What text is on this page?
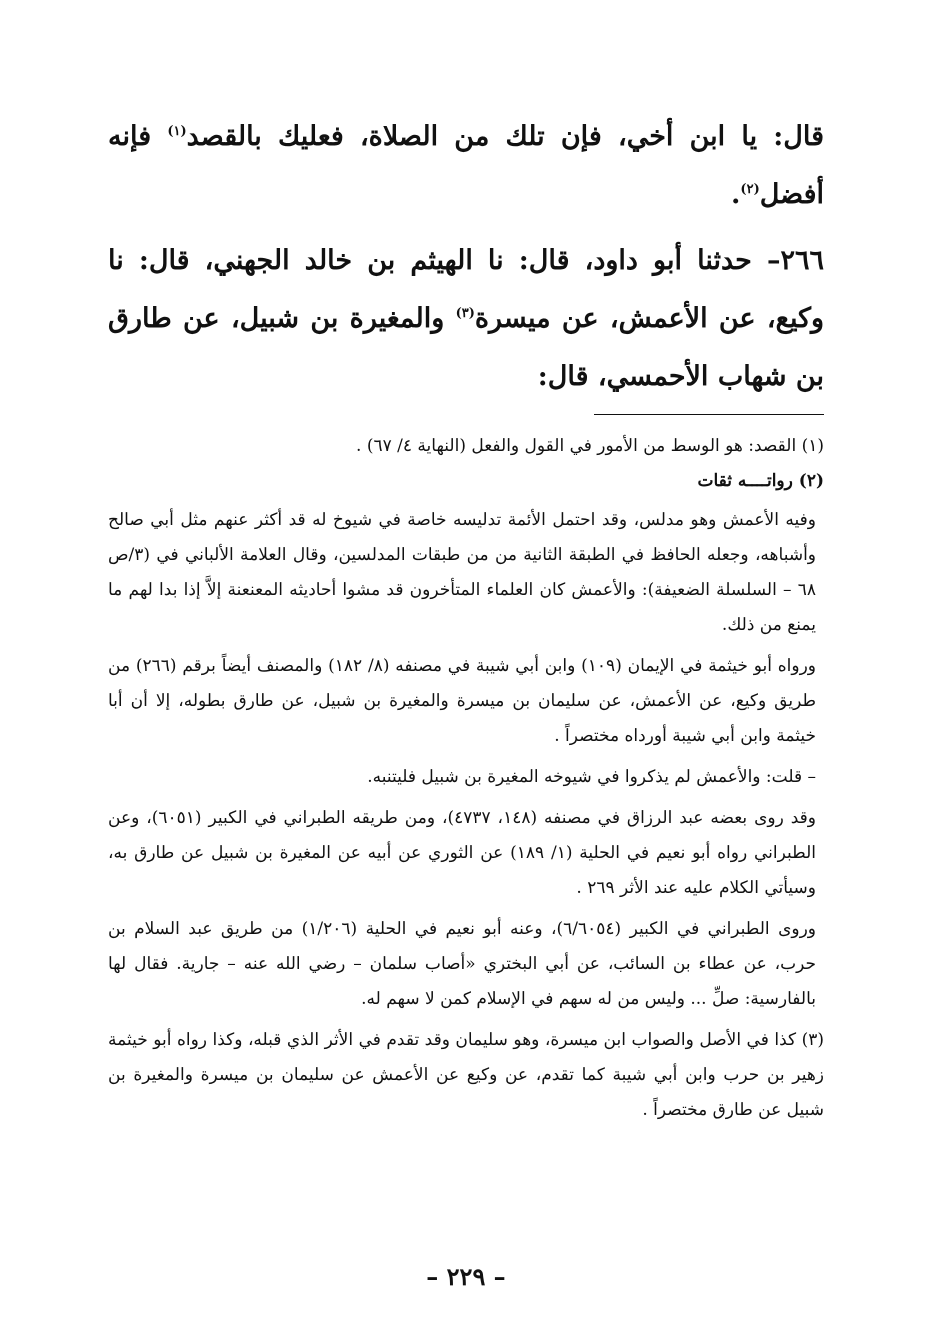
قال: يا ابن أخي، فإن تلك من الصلاة، فعليك بالقصد$^{(١)}$ فإنه أفضل$^{(٢)}$.

٢٦٦– حدثنا أبو داود، قال: نا الهيثم بن خالد الجهني، قال: نا وكيع، عن الأعمش، عن ميسرة$^{(٣)}$ والمغيرة بن شبيل، عن طارق بن شهاب الأحمسي، قال:

(١) القصد: هو الوسط من الأمور في القول والفعل (النهاية ٤/ ٦٧) .

(٢) رواتــــه ثقات

وفيه الأعمش وهو مدلس، وقد احتمل الأئمة تدليسه خاصة في شيوخ له قد أكثر عنهم مثل أبي صالح وأشباهه، وجعله الحافظ في الطبقة الثانية من من طبقات المدلسين، وقال العلامة الألباني في (٣/ص ٦٨ – السلسلة الضعيفة): والأعمش كان العلماء المتأخرون قد مشوا أحاديثه المعنعنة إلاَّ إذا بدا لهم ما يمنع من ذلك.

ورواه أبو خيثمة في الإيمان (١٠٩) وابن أبي شيبة في مصنفه (٨/ ١٨٢) والمصنف أيضاً برقم (٢٦٦) من طريق وكيع، عن الأعمش، عن سليمان بن ميسرة والمغيرة بن شبيل، عن طارق بطوله، إلا أن أبا خيثمة وابن أبي شيبة أورداه مختصراً .

– قلت: والأعمش لم يذكروا في شيوخه المغيرة بن شبيل فليتنبه.

وقد روى بعضه عبد الرزاق في مصنفه (١٤٨، ٤٧٣٧)، ومن طريقه الطبراني في الكبير (٦٠٥١)، وعن الطبراني رواه أبو نعيم في الحلية (١/ ١٨٩) عن الثوري عن أبيه عن المغيرة بن شبيل عن طارق به، وسيأتي الكلام عليه عند الأثر ٢٦٩ .

وروى الطبراني في الكبير (٦/٦٠٥٤)، وعنه أبو نعيم في الحلية (١/٢٠٦) من طريق عبد السلام بن حرب، عن عطاء بن السائب، عن أبي البختري «أصاب سلمان – رضي الله عنه – جارية. فقال لها بالفارسية: صلِّ ... وليس من له سهم في الإسلام كمن لا سهم له.

(٣) كذا في الأصل والصواب ابن ميسرة، وهو سليمان وقد تقدم في الأثر الذي قبله، وكذا رواه أبو خيثمة زهير بن حرب وابن أبي شيبة كما تقدم، عن وكيع عن الأعمش عن سليمان بن ميسرة والمغيرة بن شبيل عن طارق مختصراً .

– ٢٢٩ –
